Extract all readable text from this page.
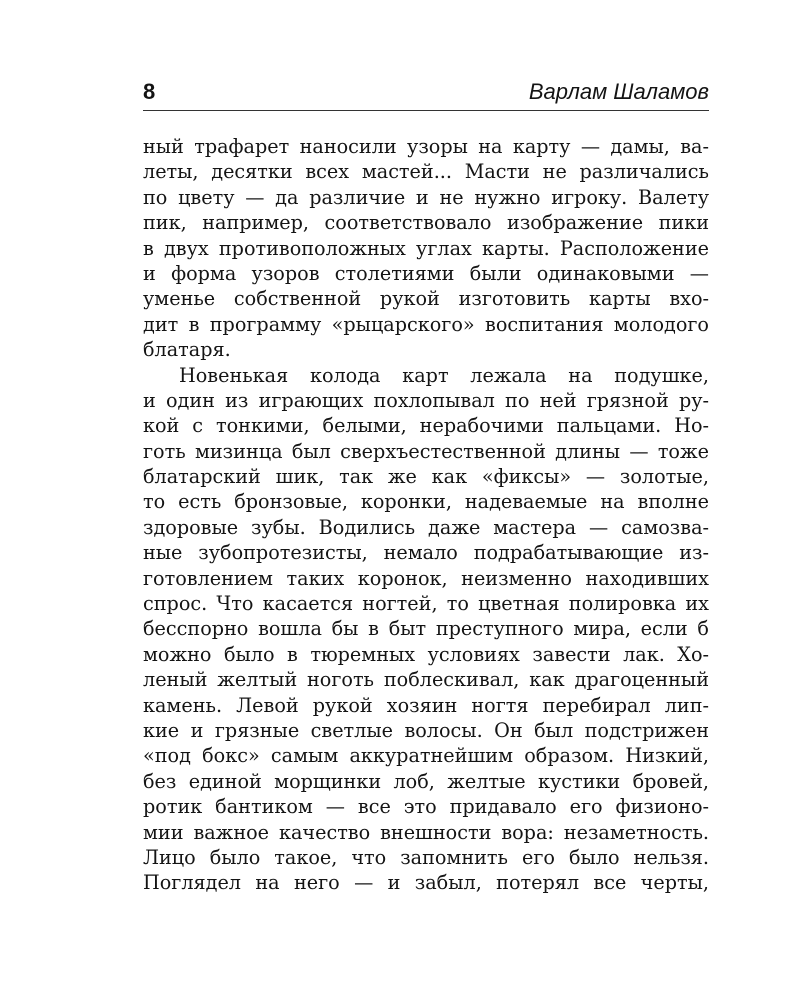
8	Варлам Шаламов
ный трафарет наносили узоры на карту — дамы, ва-
леты, десятки всех мастей... Масти не различались
по цвету — да различие и не нужно игроку. Валету
пик, например, соответствовало изображение пики
в двух противоположных углах карты. Расположение
и форма узоров столетиями были одинаковыми —
уменье собственной рукой изготовить карты вхо-
дит в программу «рыцарского» воспитания молодого
блатаря.
Новенькая колода карт лежала на подушке,
и один из играющих похлопывал по ней грязной ру-
кой с тонкими, белыми, нерабочими пальцами. Но-
готь мизинца был сверхъестественной длины — тоже
блатарский шик, так же как «фиксы» — золотые,
то есть бронзовые, коронки, надеваемые на вполне
здоровые зубы. Водились даже мастера — самозва-
ные зубопротезисты, немало подрабатывающие из-
готовлением таких коронок, неизменно находивших
спрос. Что касается ногтей, то цветная полировка их
бесспорно вошла бы в быт преступного мира, если б
можно было в тюремных условиях завести лак. Хо-
леный желтый ноготь поблескивал, как драгоценный
камень. Левой рукой хозяин ногтя перебирал лип-
кие и грязные светлые волосы. Он был подстрижен
«под бокс» самым аккуратнейшим образом. Низкий,
без единой морщинки лоб, желтые кустики бровей,
ротик бантиком — все это придавало его физионо-
мии важное качество внешности вора: незаметность.
Лицо было такое, что запомнить его было нельзя.
Поглядел на него — и забыл, потерял все черты,
